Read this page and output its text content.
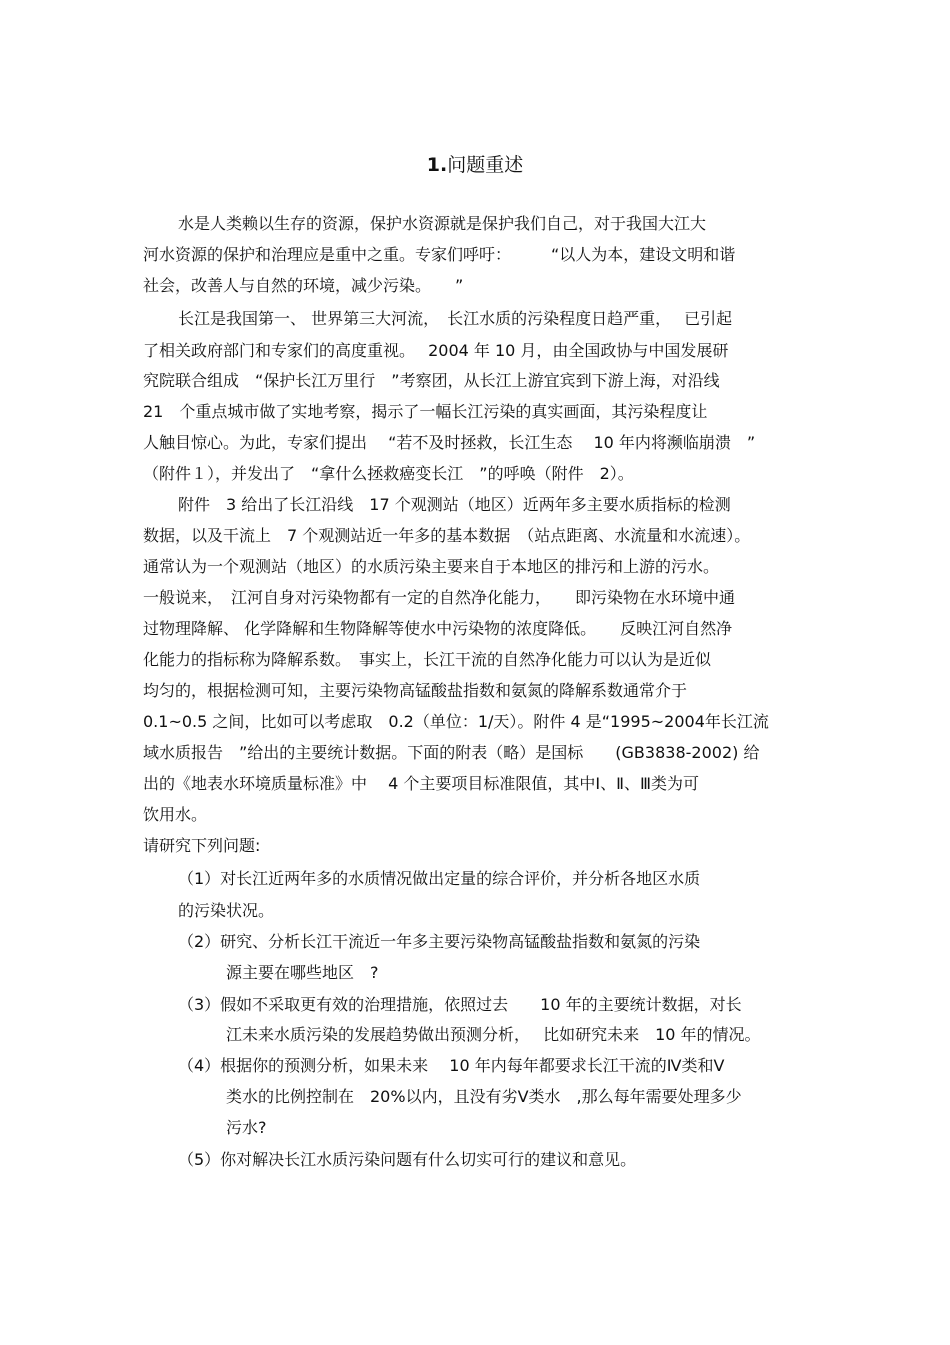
1.问题重述
水是人类赖以生存的资源，保护水资源就是保护我们自己，对于我国大江大
河水资源的保护和治理应是重中之重。专家们呼吁：　　　“以人为本，建设文明和谐
社会，改善人与自然的环境，减少污染。　　”
长江是我国第一、 世界第三大河流，　长江水质的污染程度日趋严重，　 已引起
了相关政府部门和专家们的高度重视。　 2004 年 10 月，由全国政协与中国发展研
究院联合组成　“保护长江万里行　”考察团，从长江上游宜宾到下游上海，对沿线
21　个重点城市做了实地考察，揭示了一幅长江污染的真实画面，其污染程度让
人触目惊心。为此，专家们提出　 “若不及时拯救，长江生态　 10 年内将濒临崩溃　”
（附件１），并发出了　“拿什么拯救癌变长江　”的呼唤（附件　2）。
附件　3 给出了长江沿线　17 个观测站（地区）近两年多主要水质指标的检测
数据，以及干流上　7 个观测站近一年多的基本数据　（站点距离、水流量和水流速）。
通常认为一个观测站（地区）的水质污染主要来自于本地区的排污和上游的污水。
一般说来，　江河自身对污染物都有一定的自然净化能力，　　即污染物在水环境中通
过物理降解、 化学降解和生物降解等使水中污染物的浓度降低。　　反映江河自然净
化能力的指标称为降解系数。　事实上，长江干流的自然净化能力可以认为是近似
均匀的，根据检测可知，主要污染物高锰酸盐指数和氨氮的降解系数通常介于
0.1~0.5 之间，比如可以考虑取　0.2（单位：1/天）。附件 4 是“1995~2004年长江流
域水质报告　”给出的主要统计数据。下面的附表（略）是国标　　(GB3838-2002) 给
出的《地表水环境质量标准》中　 4 个主要项目标准限值，其中Ⅰ、Ⅱ、Ⅲ类为可
饮用水。
请研究下列问题:
（1）对长江近两年多的水质情况做出定量的综合评价，并分析各地区水质
的污染状况。
（2）研究、分析长江干流近一年多主要污染物高锰酸盐指数和氨氮的污染
源主要在哪些地区　?
（3）假如不采取更有效的治理措施，依照过去　　10 年的主要统计数据，对长
江未来水质污染的发展趋势做出预测分析，　 比如研究未来　10 年的情况。
（4）根据你的预测分析，如果未来　 10 年内每年都要求长江干流的Ⅳ类和Ⅴ
类水的比例控制在　20%以内，且没有劣Ⅴ类水　,那么每年需要处理多少
污水?
（5）你对解决长江水质污染问题有什么切实可行的建议和意见。
